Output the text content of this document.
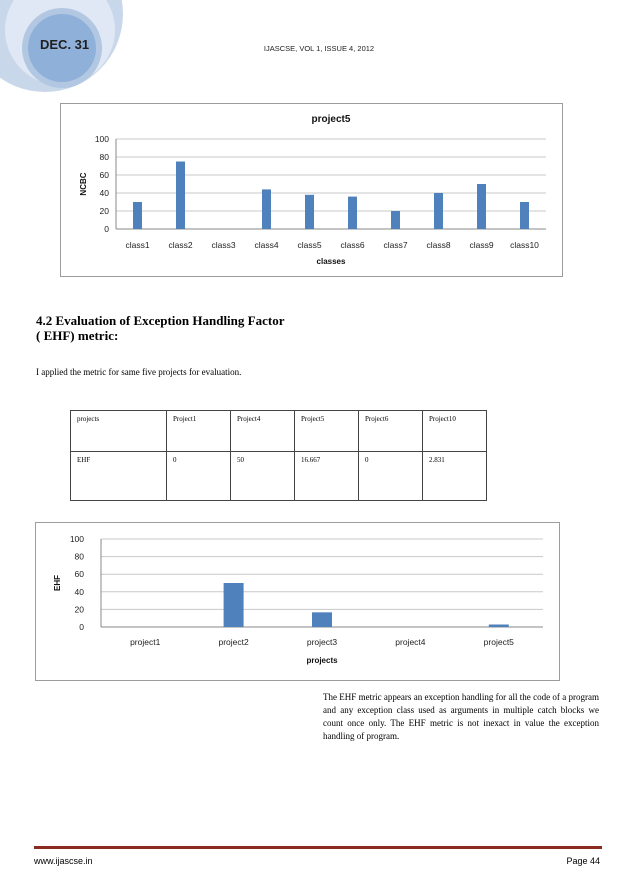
DEC. 31	IJASCSE, VOL 1, ISSUE 4, 2012
0
20
40
60
80
100
class1 class2 class3 class4 class5 class6 class7 class8 class9 class10
project5
classes
NCBC
4.2 Evaluation of Exception Handling Factor
( EHF) metric:
I applied the metric for same five projects for evaluation.
projects	Project1	Project4	Project5	Project6	Project10
EHF	0	50	16.667	0	2.831
0
20
40
60
80
100
project1	project2	project3	project4	project5
projects
EHF
The EHF metric appears an exception handling for all the code of a program and any exception class used as arguments in multiple catch blocks we count once only. The EHF metric is not inexact in value the exception handling of program.
www.ijascse.in	Page 44
